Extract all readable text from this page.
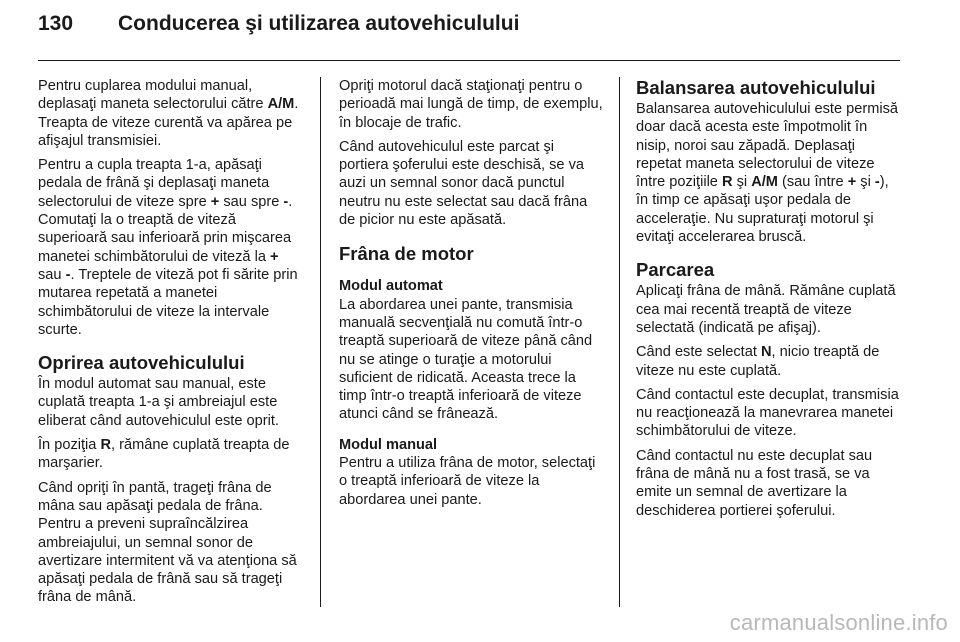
130	Conducerea şi utilizarea autovehiculului

Pentru cuplarea modului manual, deplasaţi maneta selectorului către A/M. Treapta de viteze curentă va apărea pe afişajul transmisiei.

Pentru a cupla treapta 1-a, apăsaţi pedala de frână şi deplasaţi maneta selectorului de viteze spre + sau spre -. Comutaţi la o treaptă de viteză superioară sau inferioară prin mişcarea manetei schimbătorului de viteză la + sau -. Treptele de viteză pot fi sărite prin mutarea repetată a manetei schimbătorului de viteze la intervale scurte.

Oprirea autovehiculului

În modul automat sau manual, este cuplată treapta 1-a şi ambreiajul este eliberat când autovehiculul este oprit.

În poziţia R, rămâne cuplată treapta de marşarier.

Când opriţi în pantă, trageţi frâna de mâna sau apăsaţi pedala de frâna. Pentru a preveni supraîncălzirea ambreiajului, un semnal sonor de avertizare intermitent vă va atenţiona să apăsaţi pedala de frână sau să trageţi frâna de mână.

Opriţi motorul dacă staţionaţi pentru o perioadă mai lungă de timp, de exemplu, în blocaje de trafic.

Când autovehiculul este parcat şi portiera şoferului este deschisă, se va auzi un semnal sonor dacă punctul neutru nu este selectat sau dacă frâna de picior nu este apăsată.

Frâna de motor
Modul automat

La abordarea unei pante, transmisia manuală secvenţială nu comută într-o treaptă superioară de viteze până când nu se atinge o turaţie a motorului suficient de ridicată. Aceasta trece la timp într-o treaptă inferioară de viteze atunci când se frânează.

Modul manual

Pentru a utiliza frâna de motor, selectaţi o treaptă inferioară de viteze la abordarea unei pante.

Balansarea autovehiculului

Balansarea autovehiculului este permisă doar dacă acesta este împotmolit în nisip, noroi sau zăpadă. Deplasaţi repetat maneta selectorului de viteze între poziţiile R şi A/M (sau între + şi -), în timp ce apăsaţi uşor pedala de acceleraţie. Nu supraturaţi motorul şi evitaţi accelerarea bruscă.

Parcarea

Aplicaţi frâna de mână. Rămâne cuplată cea mai recentă treaptă de viteze selectată (indicată pe afişaj).

Când este selectat N, nicio treaptă de viteze nu este cuplată.

Când contactul este decuplat, transmisia nu reacţionează la manevrarea manetei schimbătorului de viteze.

Când contactul nu este decuplat sau frâna de mână nu a fost trasă, se va emite un semnal de avertizare la deschiderea portierei şoferului.

carmanualsonline.info
